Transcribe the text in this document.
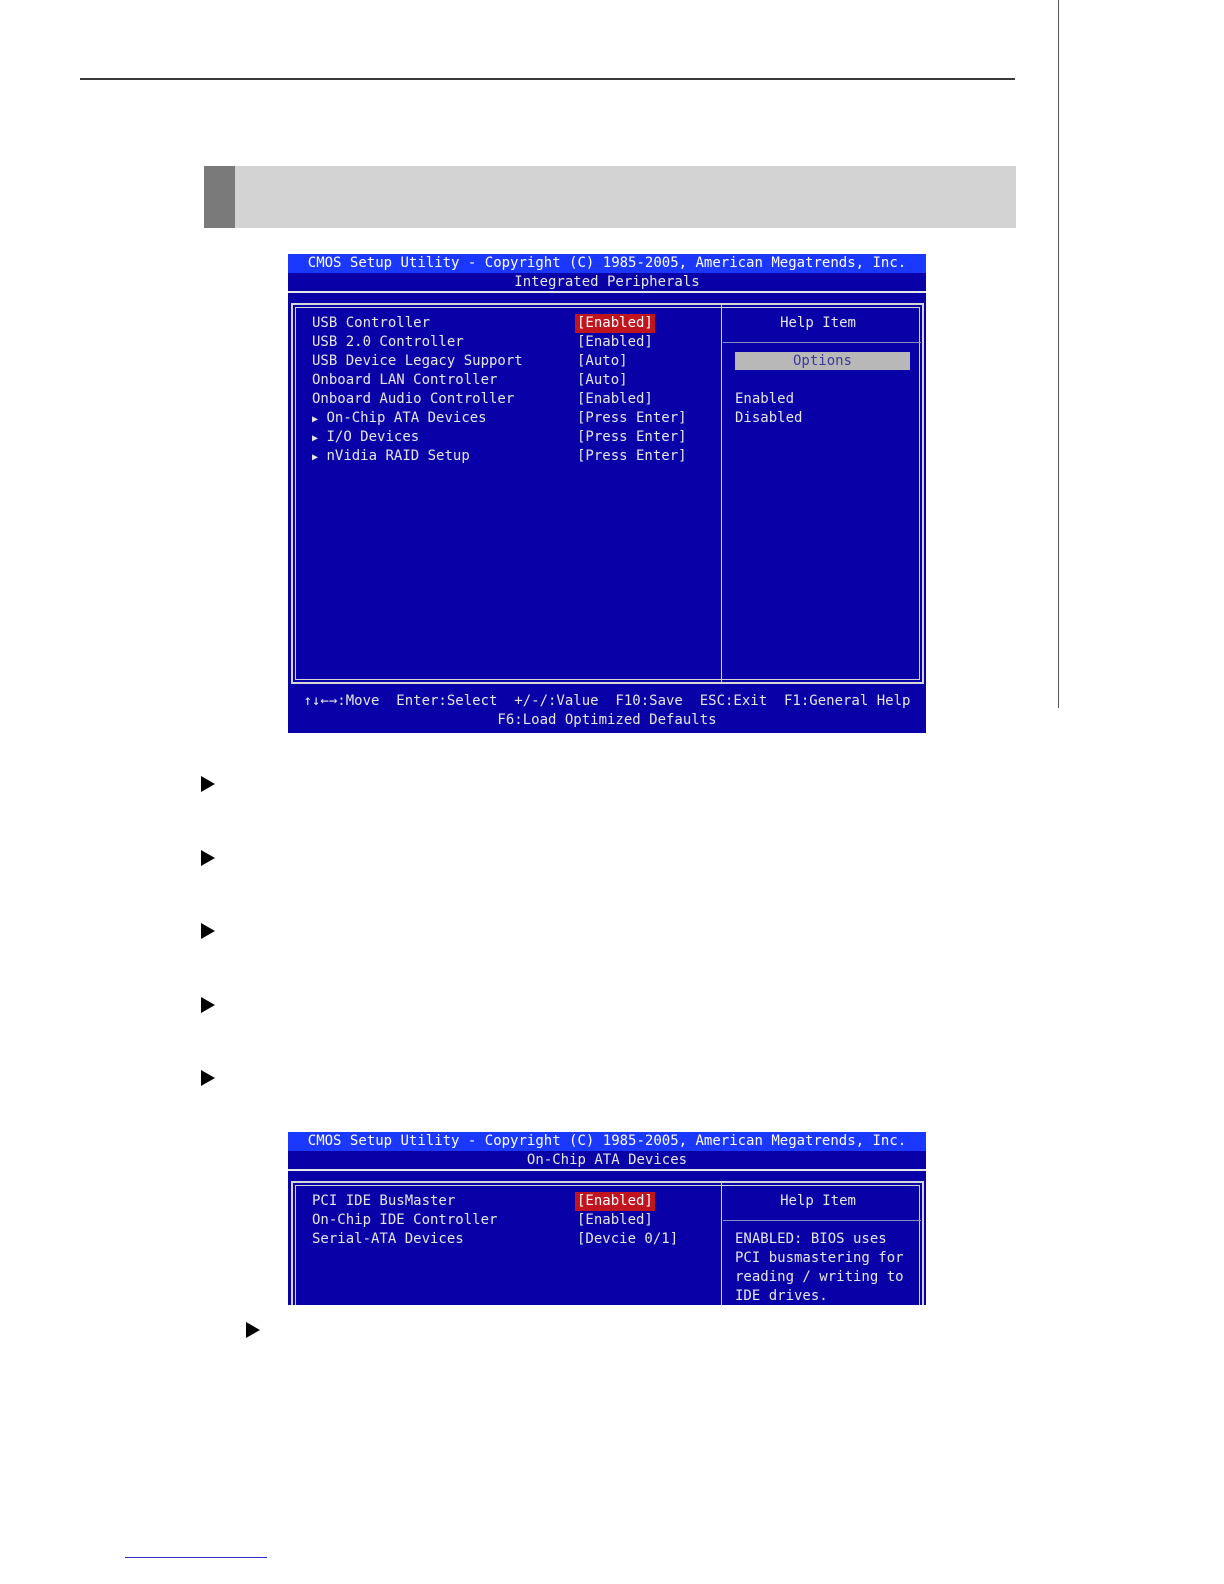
CMOS Setup Utility - Copyright (C) 1985-2005, American Megatrends, Inc.
Integrated Peripherals
USB Controller	[Enabled]
USB 2.0 Controller	[Enabled]
USB Device Legacy Support	[Auto]
Onboard LAN Controller	[Auto]
Onboard Audio Controller	[Enabled]
▶ On-Chip ATA Devices	[Press Enter]
▶ I/O Devices	[Press Enter]
▶ nVidia RAID Setup	[Press Enter]
Help Item
Options
Enabled
Disabled
↑↓←→:Move  Enter:Select  +/-/:Value  F10:Save  ESC:Exit  F1:General Help
F6:Load Optimized Defaults
CMOS Setup Utility - Copyright (C) 1985-2005, American Megatrends, Inc.
On-Chip ATA Devices
PCI IDE BusMaster	[Enabled]
On-Chip IDE Controller	[Enabled]
Serial-ATA Devices	[Devcie 0/1]
Help Item
ENABLED: BIOS uses
PCI busmastering for
reading / writing to
IDE drives.
